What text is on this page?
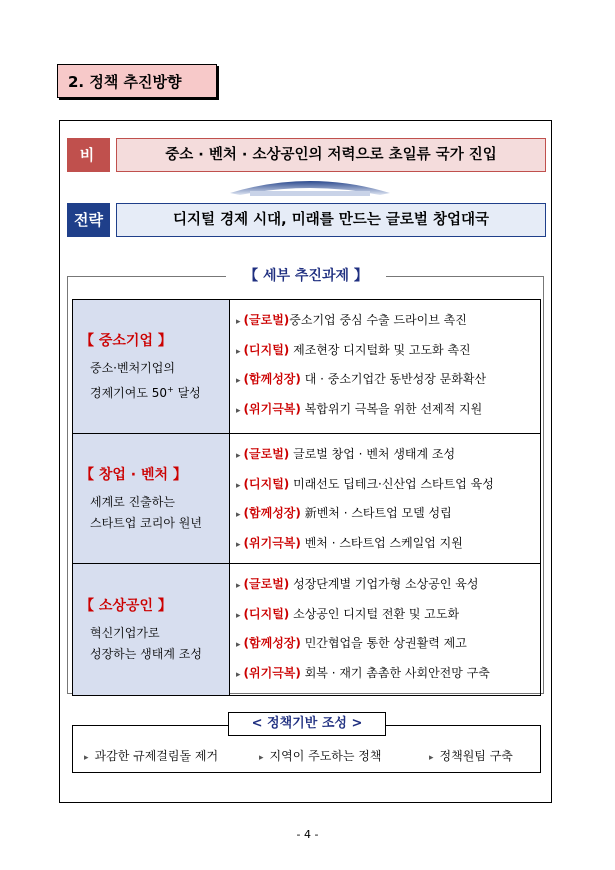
2. 정책 추진방향
비 전
중소 · 벤처 · 소상공인의 저력으로 초일류 국가 진입
전략	디지털 경제 시대, 미래를 만드는 글로벌 창업대국
【 세부 추진과제 】
【 중소기업 】
중소·벤처기업의
경제기여도 50+ 달성
▸ (글로벌)중소기업 중심 수출 드라이브 촉진
▸ (디지털) 제조현장 디지털화 및 고도화 촉진
▸ (함께성장) 대 · 중소기업간 동반성장 문화확산
▸ (위기극복) 복합위기 극복을 위한 선제적 지원
【 창업 · 벤처 】
세계로 진출하는
스타트업 코리아 원년
▸ (글로벌) 글로벌 창업 · 벤처 생태계 조성
▸ (디지털) 미래선도 딥테크·신산업 스타트업 육성
▸ (함께성장) 新벤처 · 스타트업 모델 성립
▸ (위기극복) 벤처 · 스타트업 스케일업 지원
【 소상공인 】
혁신기업가로
성장하는 생태계 조성
▸ (글로벌) 성장단계별 기업가형 소상공인 육성
▸ (디지털) 소상공인 디지털 전환 및 고도화
▸ (함께성장) 민간협업을 통한 상권활력 제고
▸ (위기극복) 회복 · 재기 촘촘한 사회안전망 구축
< 정책기반 조성 >
▸ 과감한 규제걸림돌 제거	▸ 지역이 주도하는 정책	▸ 정책원팀 구축
- 4 -
